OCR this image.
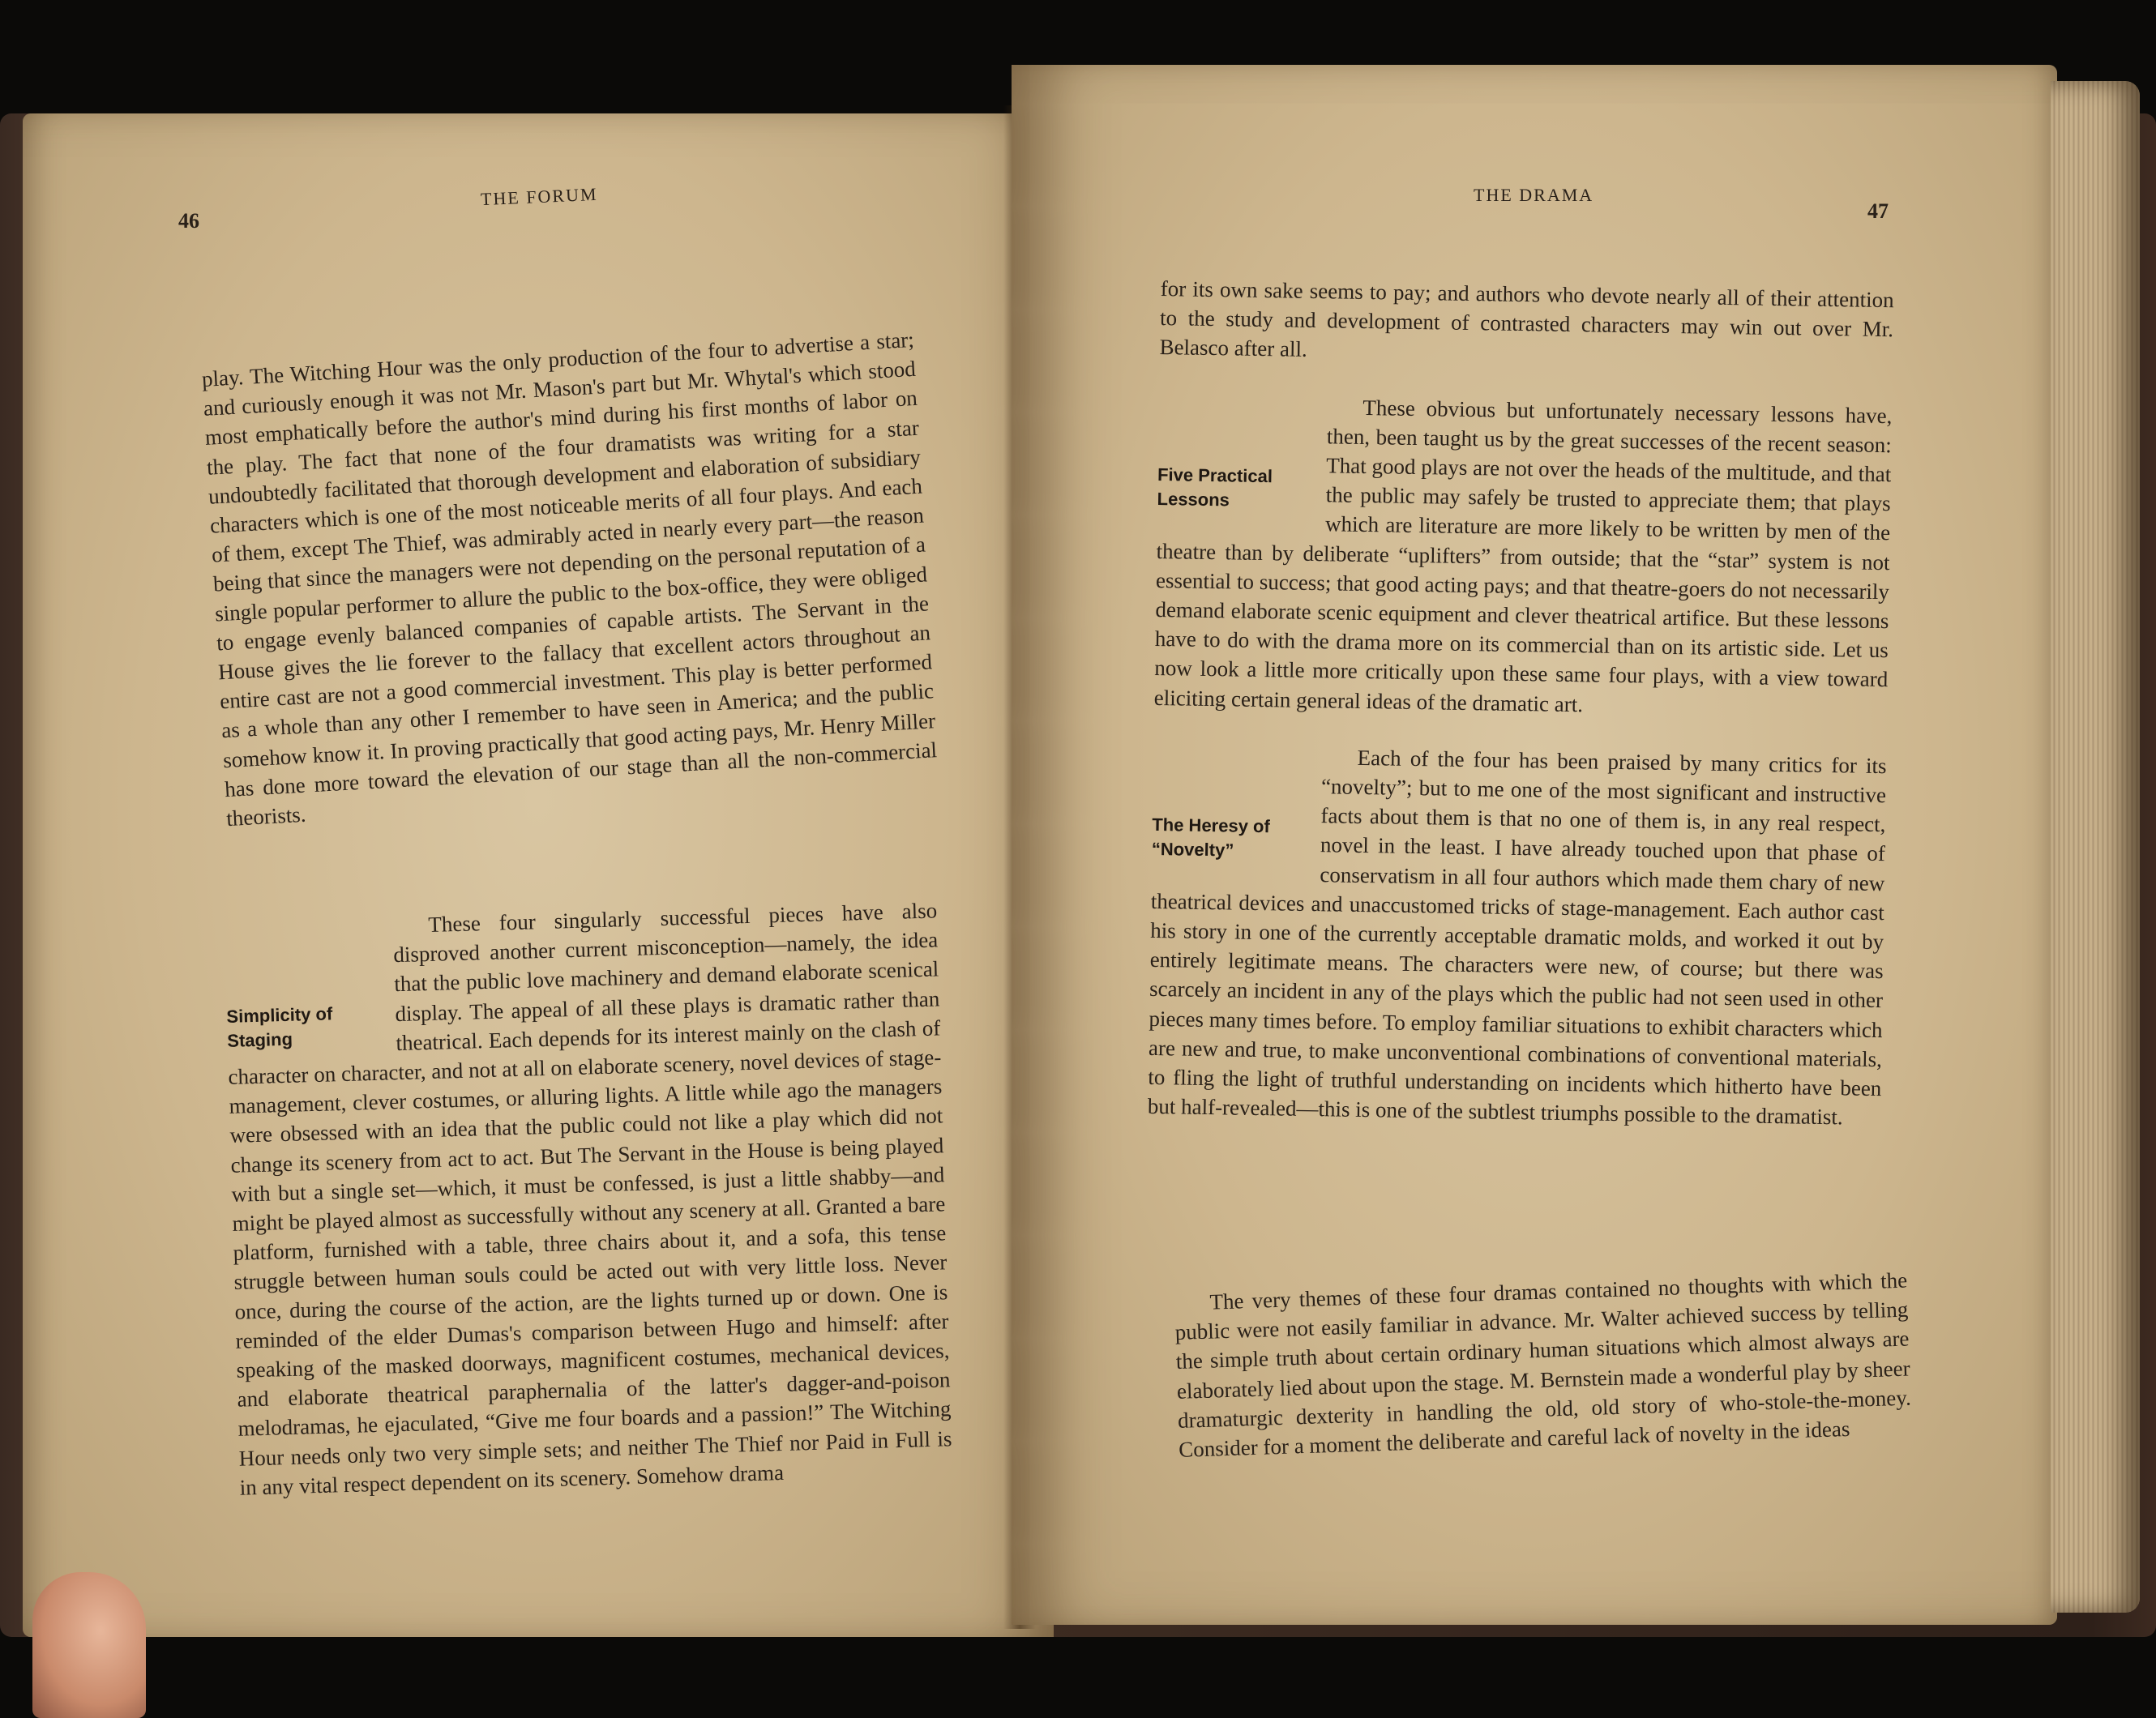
THE FORUM
46

play. The Witching Hour was the only production of the four to advertise a star; and curiously enough it was not Mr. Mason's part but Mr. Whytal's which stood most emphatically before the author's mind during his first months of labor on the play. The fact that none of the four dramatists was writing for a star undoubtedly facilitated that thorough development and elaboration of subsidiary characters which is one of the most noticeable merits of all four plays. And each of them, except The Thief, was admirably acted in nearly every part—the reason being that since the managers were not depending on the personal reputation of a single popular performer to allure the public to the box-office, they were obliged to engage evenly balanced companies of capable artists. The Servant in the House gives the lie forever to the fallacy that excellent actors throughout an entire cast are not a good commercial investment. This play is better performed as a whole than any other I remember to have seen in America; and the public somehow know it. In proving practically that good acting pays, Mr. Henry Miller has done more toward the elevation of our stage than all the non-commercial theorists.

Simplicity of Staging

These four singularly successful pieces have also disproved another current misconception—namely, the idea that the public love machinery and demand elaborate scenical display. The appeal of all these plays is dramatic rather than theatrical. Each depends for its interest mainly on the clash of character on character, and not at all on elaborate scenery, novel devices of stage-management, clever costumes, or alluring lights. A little while ago the managers were obsessed with an idea that the public could not like a play which did not change its scenery from act to act. But The Servant in the House is being played with but a single set—which, it must be confessed, is just a little shabby—and might be played almost as successfully without any scenery at all. Granted a bare platform, furnished with a table, three chairs about it, and a sofa, this tense struggle between human souls could be acted out with very little loss. Never once, during the course of the action, are the lights turned up or down. One is reminded of the elder Dumas's comparison between Hugo and himself: after speaking of the masked doorways, magnificent costumes, mechanical devices, and elaborate theatrical paraphernalia of the latter's dagger-and-poison melodramas, he ejaculated, “Give me four boards and a passion!” The Witching Hour needs only two very simple sets; and neither The Thief nor Paid in Full is in any vital respect dependent on its scenery. Somehow drama

THE DRAMA
47

for its own sake seems to pay; and authors who devote nearly all of their attention to the study and development of contrasted characters may win out over Mr. Belasco after all.

Five Practical Lessons
These obvious but unfortunately necessary lessons have, then, been taught us by the great successes of the recent season: That good plays are not over the heads of the multitude, and that the public may safely be trusted to appreciate them; that plays which are literature are more likely to be written by men of the theatre than by deliberate “uplifters” from outside; that the “star” system is not essential to success; that good acting pays; and that theatre-goers do not necessarily demand elaborate scenic equipment and clever theatrical artifice. But these lessons have to do with the drama more on its commercial than on its artistic side. Let us now look a little more critically upon these same four plays, with a view toward eliciting certain general ideas of the dramatic art.

The Heresy of “Novelty”
Each of the four has been praised by many critics for its “novelty”; but to me one of the most significant and instructive facts about them is that no one of them is, in any real respect, novel in the least. I have already touched upon that phase of conservatism in all four authors which made them chary of new theatrical devices and unaccustomed tricks of stage-management. Each author cast his story in one of the currently acceptable dramatic molds, and worked it out by entirely legitimate means. The characters were new, of course; but there was scarcely an incident in any of the plays which the public had not seen used in other pieces many times before. To employ familiar situations to exhibit characters which are new and true, to make unconventional combinations of conventional materials, to fling the light of truthful understanding on incidents which hitherto have been but half-revealed—this is one of the subtlest triumphs possible to the dramatist.

The very themes of these four dramas contained no thoughts with which the public were not easily familiar in advance. Mr. Walter achieved success by telling the simple truth about certain ordinary human situations which almost always are elaborately lied about upon the stage. M. Bernstein made a wonderful play by sheer dramaturgic dexterity in handling the old, old story of who-stole-the-money. Consider for a moment the deliberate and careful lack of novelty in the ideas
